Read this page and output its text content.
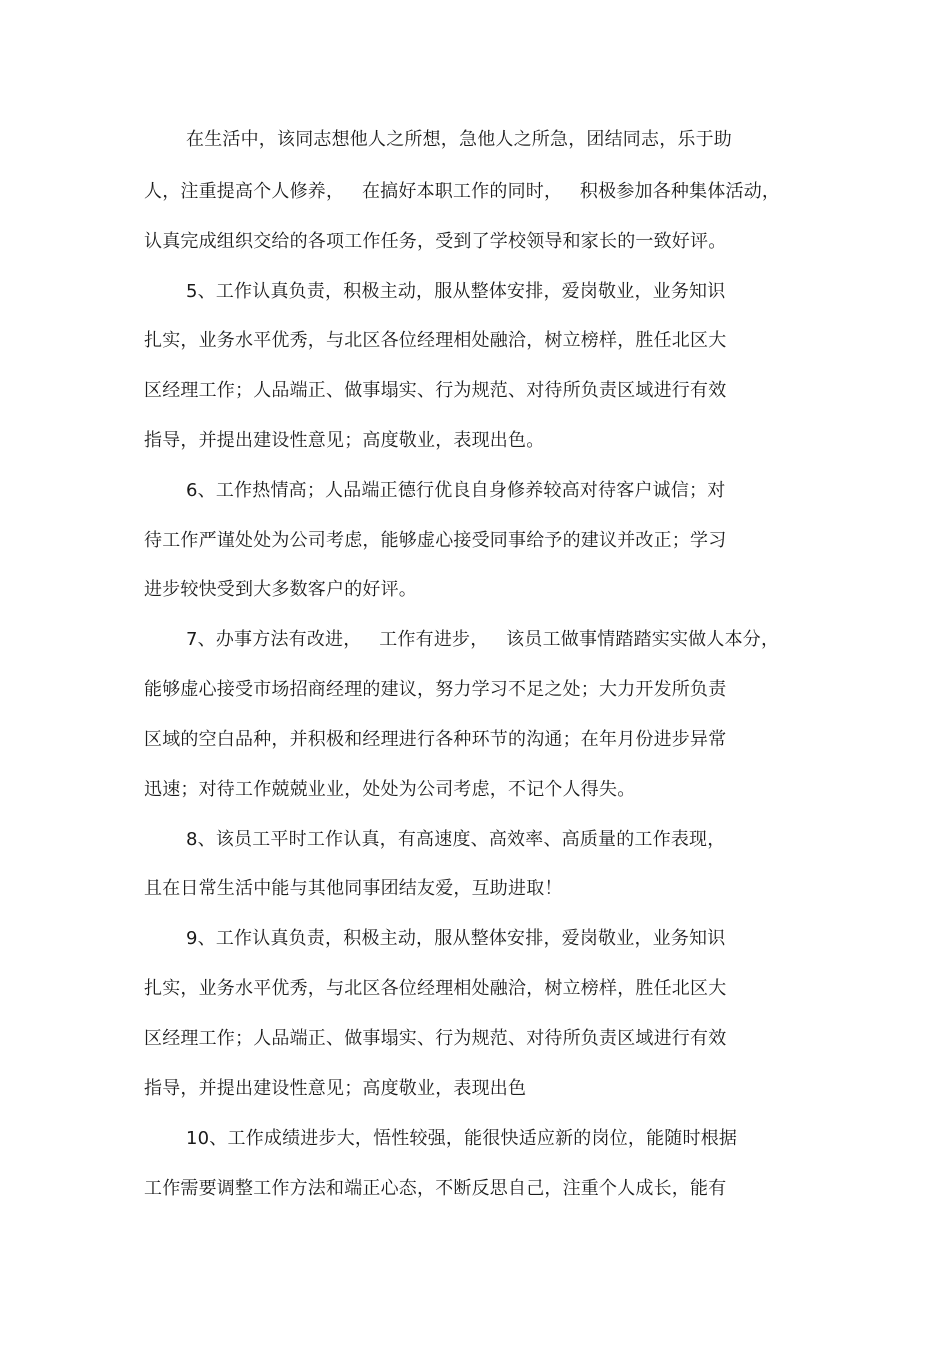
在生活中，该同志想他人之所想，急他人之所急，团结同志，乐于助
人，注重提高个人修养，   在搞好本职工作的同时，   积极参加各种集体活动，
认真完成组织交给的各项工作任务，受到了学校领导和家长的一致好评。
5、工作认真负责，积极主动，服从整体安排，爱岗敬业，业务知识
扎实，业务水平优秀，与北区各位经理相处融洽，树立榜样，胜任北区大
区经理工作；人品端正、做事塌实、行为规范、对待所负责区域进行有效
指导，并提出建设性意见；高度敬业，表现出色。
6、工作热情高；人品端正德行优良自身修养较高对待客户诚信；对
待工作严谨处处为公司考虑，能够虚心接受同事给予的建议并改正；学习
进步较快受到大多数客户的好评。
7、办事方法有改进，   工作有进步，   该员工做事情踏踏实实做人本分，
能够虚心接受市场招商经理的建议，努力学习不足之处；大力开发所负责
区域的空白品种，并积极和经理进行各种环节的沟通；在年月份进步异常
迅速；对待工作兢兢业业，处处为公司考虑，不记个人得失。
8、该员工平时工作认真，有高速度、高效率、高质量的工作表现，
且在日常生活中能与其他同事团结友爱，互助进取！
9、工作认真负责，积极主动，服从整体安排，爱岗敬业，业务知识
扎实，业务水平优秀，与北区各位经理相处融洽，树立榜样，胜任北区大
区经理工作；人品端正、做事塌实、行为规范、对待所负责区域进行有效
指导，并提出建设性意见；高度敬业，表现出色
10、工作成绩进步大，悟性较强，能很快适应新的岗位，能随时根据
工作需要调整工作方法和端正心态，不断反思自己，注重个人成长，能有
